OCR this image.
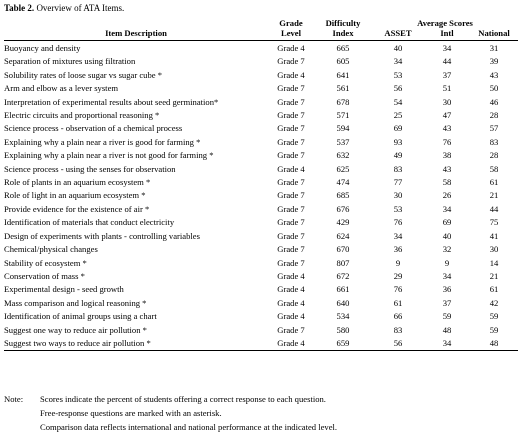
Table 2. Overview of ATA Items.
	Grade	Difficulty	Average Scores		
Item Description	Level	Index	ASSET	Intl	National

Buoyancy and density	Grade 4	665	40	34	31
Separation of mixtures using filtration	Grade 7	605	34	44	39
Solubility rates of loose sugar vs sugar cube *	Grade 4	641	53	37	43
Arm and elbow as a lever system	Grade 7	561	56	51	50
Interpretation of experimental results about seed germination*	Grade 7	678	54	30	46
Electric circuits and proportional reasoning *	Grade 7	571	25	47	28
Science process - observation of a chemical process	Grade 7	594	69	43	57
Explaining why a plain near a river is good for farming *	Grade 7	537	93	76	83
Explaining why a plain near a river is not good for farming *	Grade 7	632	49	38	28
Science process - using the senses for observation	Grade 4	625	83	43	58
Role of plants in an aquarium ecosystem *	Grade 7	474	77	58	61
Role of light in an aquarium ecosystem *	Grade 7	685	30	26	21
Provide evidence for the existence of air *	Grade 7	676	53	34	44
Identification of materials that conduct electricity	Grade 7	429	76	69	75
Design of experiments with plants - controlling variables	Grade 7	624	34	40	41
Chemical/physical changes	Grade 7	670	36	32	30
Stability of ecosystem *	Grade 7	807	9	9	14
Conservation of mass *	Grade 4	672	29	34	21
Experimental design - seed growth	Grade 4	661	76	36	61
Mass comparison and logical reasoning *	Grade 4	640	61	37	42
Identification of animal groups using a chart	Grade 4	534	66	59	59
Suggest one way to reduce air pollution *	Grade 7	580	83	48	59
Suggest two ways to reduce air pollution *	Grade 4	659	56	34	48
Note: Scores indicate the percent of students offering a correct response to each question.
Free-response questions are marked with an asterisk.
Comparison data reflects international and national performance at the indicated level.
